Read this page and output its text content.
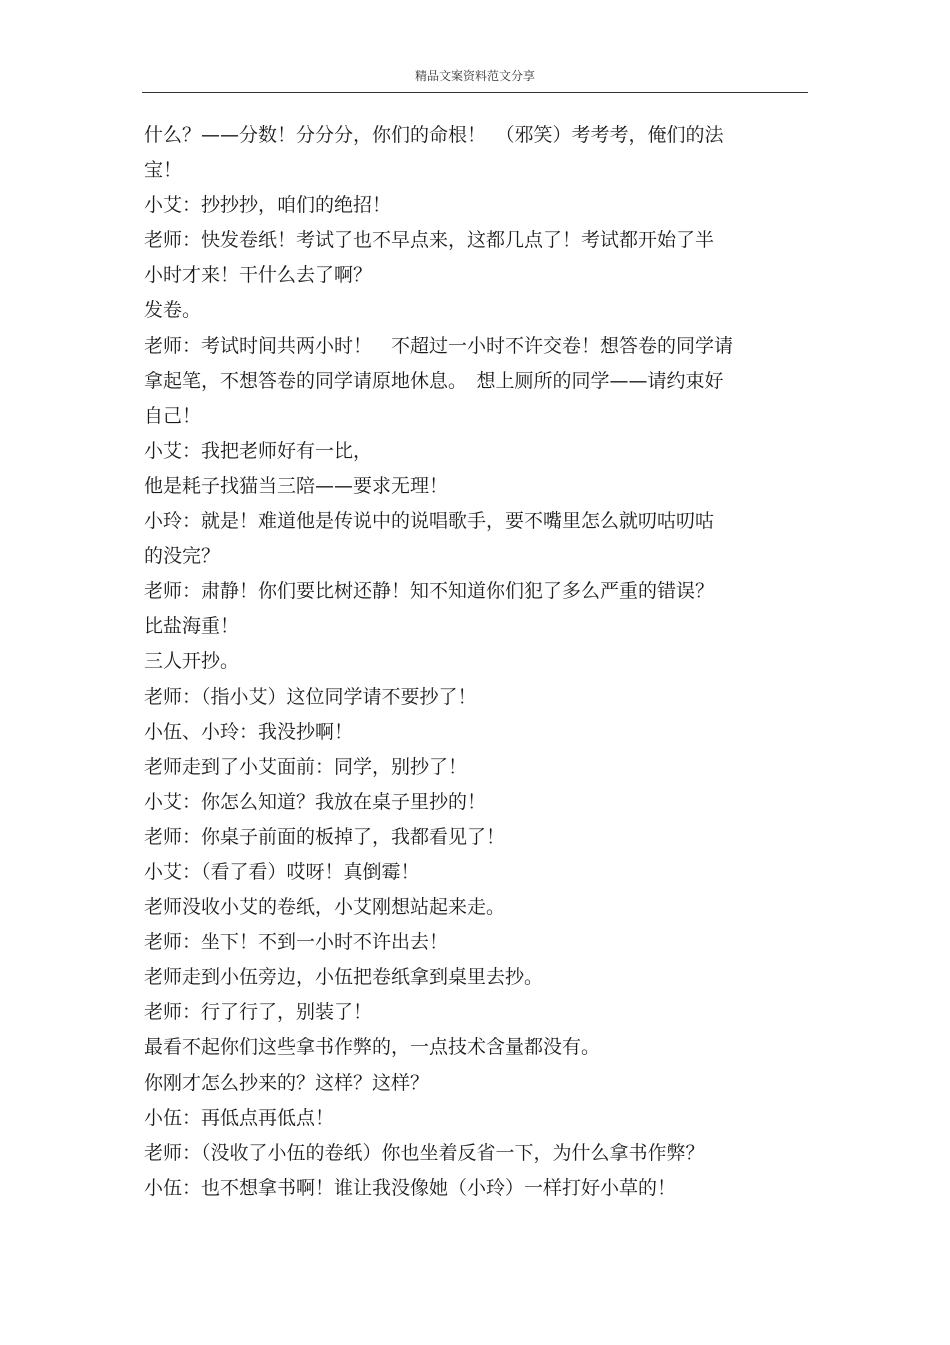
精品文案资料范文分享
什么？——分数！分分分，你们的命根！　（邪笑）考考考，俺们的法
宝！
小艾：抄抄抄，咱们的绝招！
老师：快发卷纸！考试了也不早点来，这都几点了！考试都开始了半
小时才来！干什么去了啊？
发卷。
老师：考试时间共两小时！　不超过一小时不许交卷！想答卷的同学请
拿起笔，不想答卷的同学请原地休息。　想上厕所的同学——请约束好
自己！
小艾：我把老师好有一比，
他是耗子找猫当三陪——要求无理！
小玲：就是！难道他是传说中的说唱歌手，要不嘴里怎么就叨咕叨咕
的没完？
老师：肃静！你们要比树还静！知不知道你们犯了多么严重的错误？
比盐海重！
三人开抄。
老师：（指小艾）这位同学请不要抄了！
小伍、小玲：我没抄啊！
老师走到了小艾面前：同学，别抄了！
小艾：你怎么知道？我放在桌子里抄的！
老师：你桌子前面的板掉了，我都看见了！
小艾：（看了看）哎呀！真倒霉！
老师没收小艾的卷纸，小艾刚想站起来走。
老师：坐下！不到一小时不许出去！
老师走到小伍旁边，小伍把卷纸拿到桌里去抄。
老师：行了行了，别装了！
最看不起你们这些拿书作弊的，一点技术含量都没有。
你刚才怎么抄来的？这样？这样？
小伍：再低点再低点！
老师：（没收了小伍的卷纸）你也坐着反省一下，为什么拿书作弊？
小伍：也不想拿书啊！谁让我没像她（小玲）一样打好小草的！
